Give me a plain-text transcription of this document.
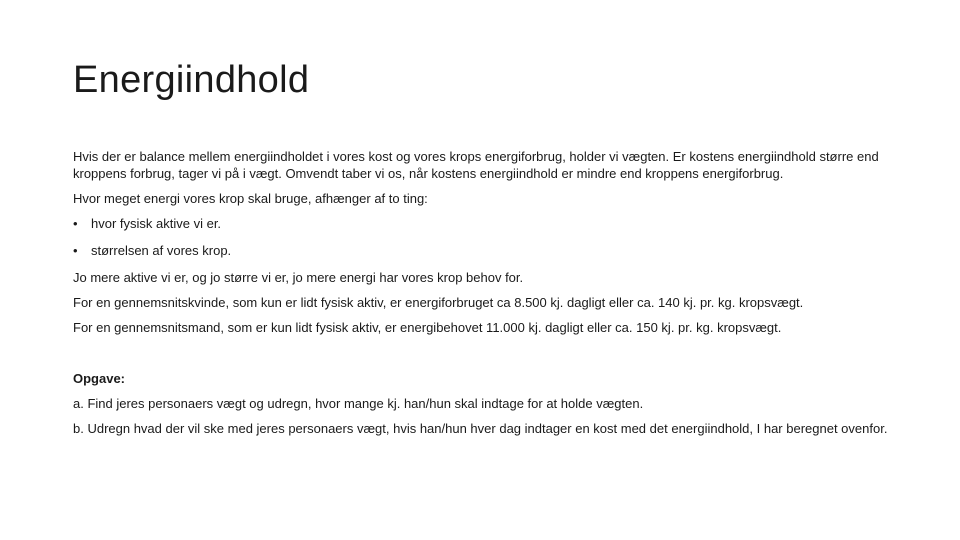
Energiindhold

Hvis der er balance mellem energiindholdet i vores kost og vores krops energiforbrug, holder vi vægten. Er kostens energiindhold større end kroppens forbrug, tager vi på i vægt. Omvendt taber vi os, når kostens energiindhold er mindre end kroppens energiforbrug.

Hvor meget energi vores krop skal bruge, afhænger af to ting:

•	hvor fysisk aktive vi er.
•	størrelsen af vores krop.

Jo mere aktive vi er, og jo større vi er, jo mere energi har vores krop behov for.

For en gennemsnitskvinde, som kun er lidt fysisk aktiv, er energiforbruget ca 8.500 kj. dagligt eller ca. 140 kj. pr. kg. kropsvægt.

For en gennemsnitsmand, som er kun lidt fysisk aktiv, er energibehovet 11.000 kj. dagligt eller ca. 150 kj. pr. kg. kropsvægt.

Opgave:

a. Find jeres personaers vægt og udregn, hvor mange kj. han/hun skal indtage for at holde vægten.

b. Udregn hvad der vil ske med jeres personaers vægt, hvis han/hun hver dag indtager en kost med det energiindhold, I har beregnet ovenfor.
